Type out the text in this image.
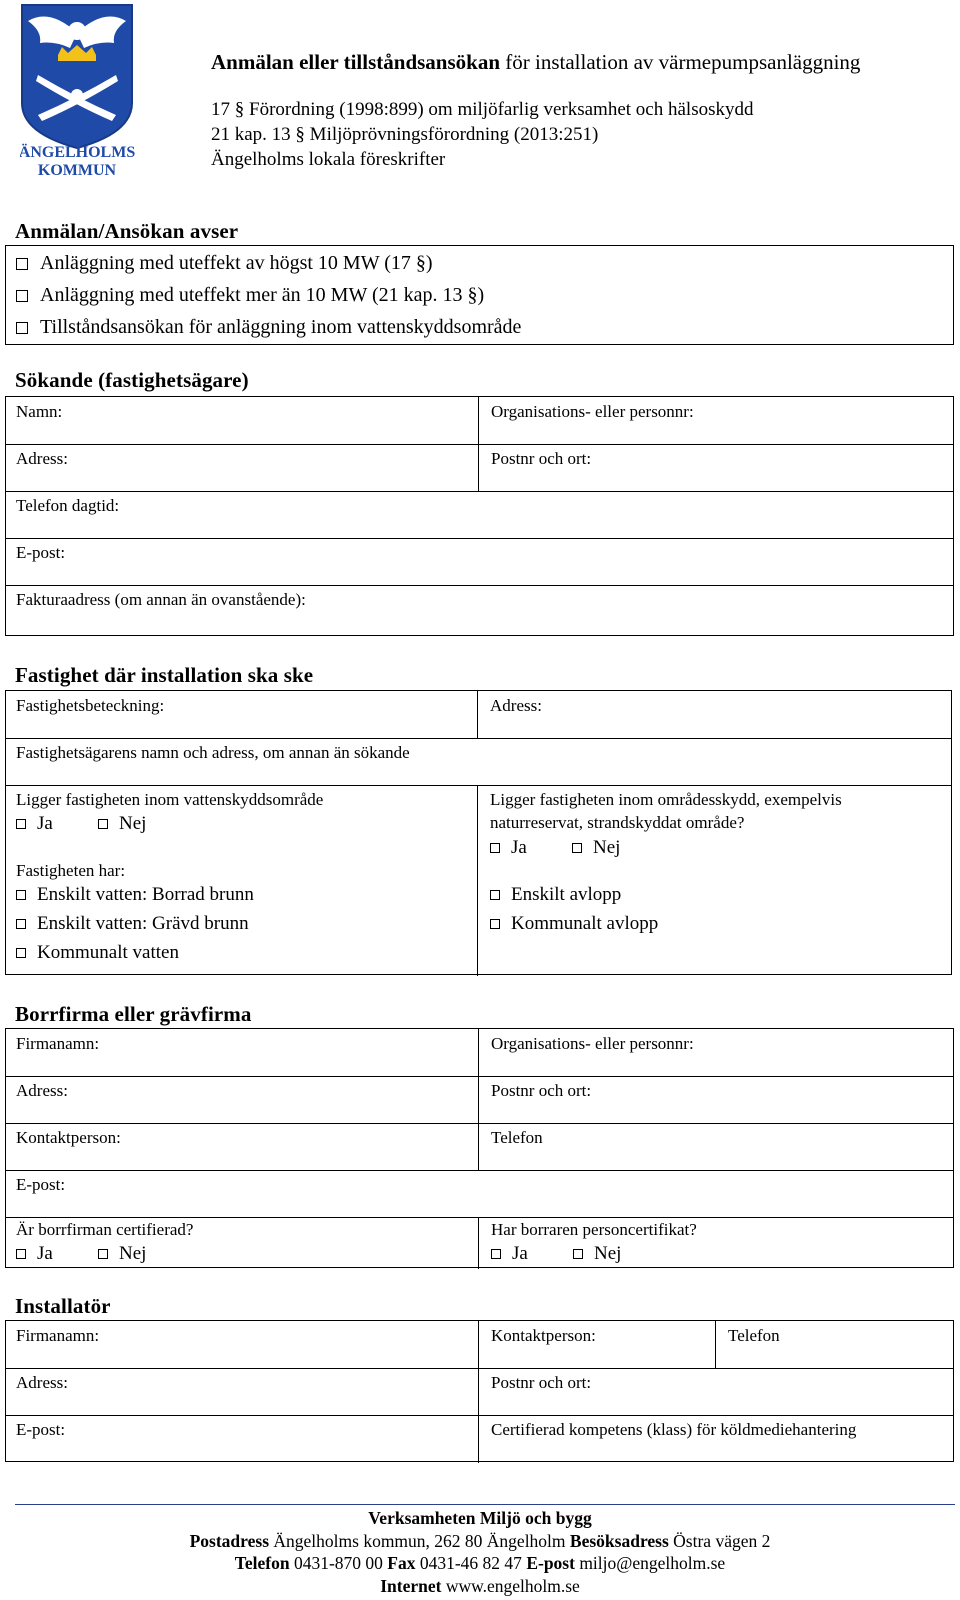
ÄNGELHOLMS
KOMMUN
Anmälan eller tillståndsansökan för installation av värmepumpsanläggning
17 § Förordning (1998:899) om miljöfarlig verksamhet och hälsoskydd
21 kap. 13 § Miljöprövningsförordning (2013:251)
Ängelholms lokala föreskrifter
Anmälan/Ansökan avser
Anläggning med uteffekt av högst 10 MW (17 §)
Anläggning med uteffekt mer än 10 MW (21 kap. 13 §)
Tillståndsansökan för anläggning inom vattenskyddsområde
Sökande (fastighetsägare)
Namn:	Organisations- eller personnr:
Adress:	Postnr och ort:
Telefon dagtid:
E-post:
Fakturaadress (om annan än ovanstående):
Fastighet där installation ska ske
Fastighetsbeteckning:	Adress:
Fastighetsägarens namn och adress, om annan än sökande
Ligger fastigheten inom vattenskyddsområde
Ja	Nej
Ligger fastigheten inom områdesskydd, exempelvis
naturreservat, strandskyddat område?
Ja	Nej
Fastigheten har:
Enskilt vatten: Borrad brunn
Enskilt vatten: Grävd brunn
Kommunalt vatten
Enskilt avlopp
Kommunalt avlopp
Borrfirma eller grävfirma
Firmanamn:	Organisations- eller personnr:
Adress:	Postnr och ort:
Kontaktperson:	Telefon
E-post:
Är borrfirman certifierad?
Ja	Nej
Har borraren personcertifikat?
Ja	Nej
Installatör
Firmanamn:	Kontaktperson:	Telefon
Adress:	Postnr och ort:
E-post:	Certifierad kompetens (klass) för köldmediehantering
Verksamheten Miljö och bygg
Postadress Ängelholms kommun, 262 80 Ängelholm Besöksadress Östra vägen 2
Telefon 0431-870 00 Fax 0431-46 82 47 E-post miljo@engelholm.se
Internet www.engelholm.se
